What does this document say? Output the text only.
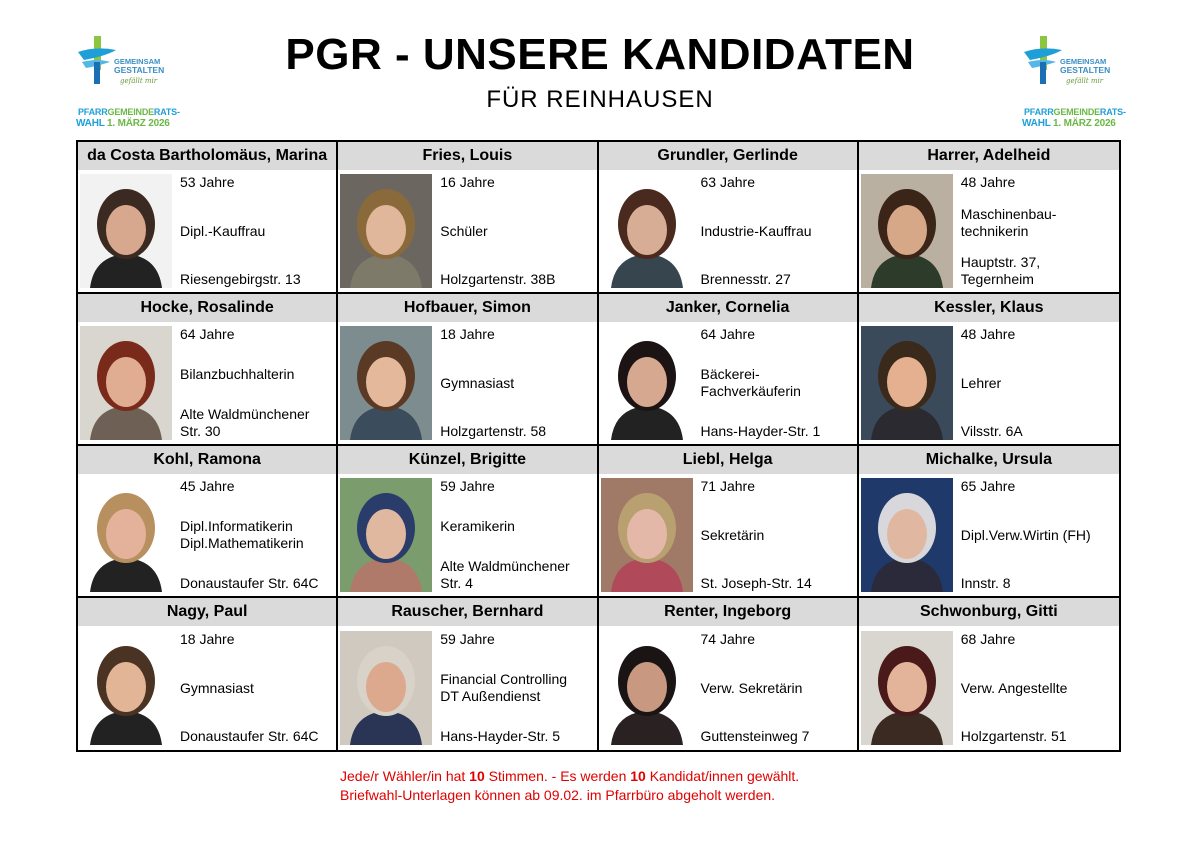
GEMEINSAM
GESTALTEN
gefällt mir
PFARRGEMEINDERATS-
WAHL 1. MÄRZ 2026
GEMEINSAM
GESTALTEN
gefällt mir
PFARRGEMEINDERATS-
WAHL 1. MÄRZ 2026
PGR - UNSERE KANDIDATEN
FÜR REINHAUSEN
da Costa Bartholomäus, Marina
53 Jahre
Dipl.-Kauffrau
Riesengebirgstr. 13
Fries, Louis
16 Jahre
Schüler
Holzgartenstr. 38B
Grundler, Gerlinde
63 Jahre
Industrie-Kauffrau
Brennesstr. 27
Harrer, Adelheid
48 Jahre
Maschinenbau-
technikerin
Hauptstr. 37,
Tegernheim
Hocke, Rosalinde
64 Jahre
Bilanzbuchhalterin
Alte Waldmünchener
Str. 30
Hofbauer, Simon
18 Jahre
Gymnasiast
Holzgartenstr. 58
Janker, Cornelia
64 Jahre
Bäckerei-
Fachverkäuferin
Hans-Hayder-Str. 1
Kessler, Klaus
48 Jahre
Lehrer
Vilsstr. 6A
Kohl, Ramona
45 Jahre
Dipl.Informatikerin
Dipl.Mathematikerin
Donaustaufer Str. 64C
Künzel, Brigitte
59 Jahre
Keramikerin
Alte Waldmünchener
Str. 4
Liebl, Helga
71 Jahre
Sekretärin
St. Joseph-Str. 14
Michalke, Ursula
65 Jahre
Dipl.Verw.Wirtin (FH)
Innstr. 8
Nagy, Paul
18 Jahre
Gymnasiast
Donaustaufer Str. 64C
Rauscher, Bernhard
59 Jahre
Financial Controlling
DT Außendienst
Hans-Hayder-Str. 5
Renter, Ingeborg
74 Jahre
Verw. Sekretärin
Guttensteinweg 7
Schwonburg, Gitti
68 Jahre
Verw. Angestellte
Holzgartenstr. 51
Jede/r Wähler/in hat 10 Stimmen. - Es werden 10 Kandidat/innen gewählt.
Briefwahl-Unterlagen können ab 09.02. im Pfarrbüro abgeholt werden.
